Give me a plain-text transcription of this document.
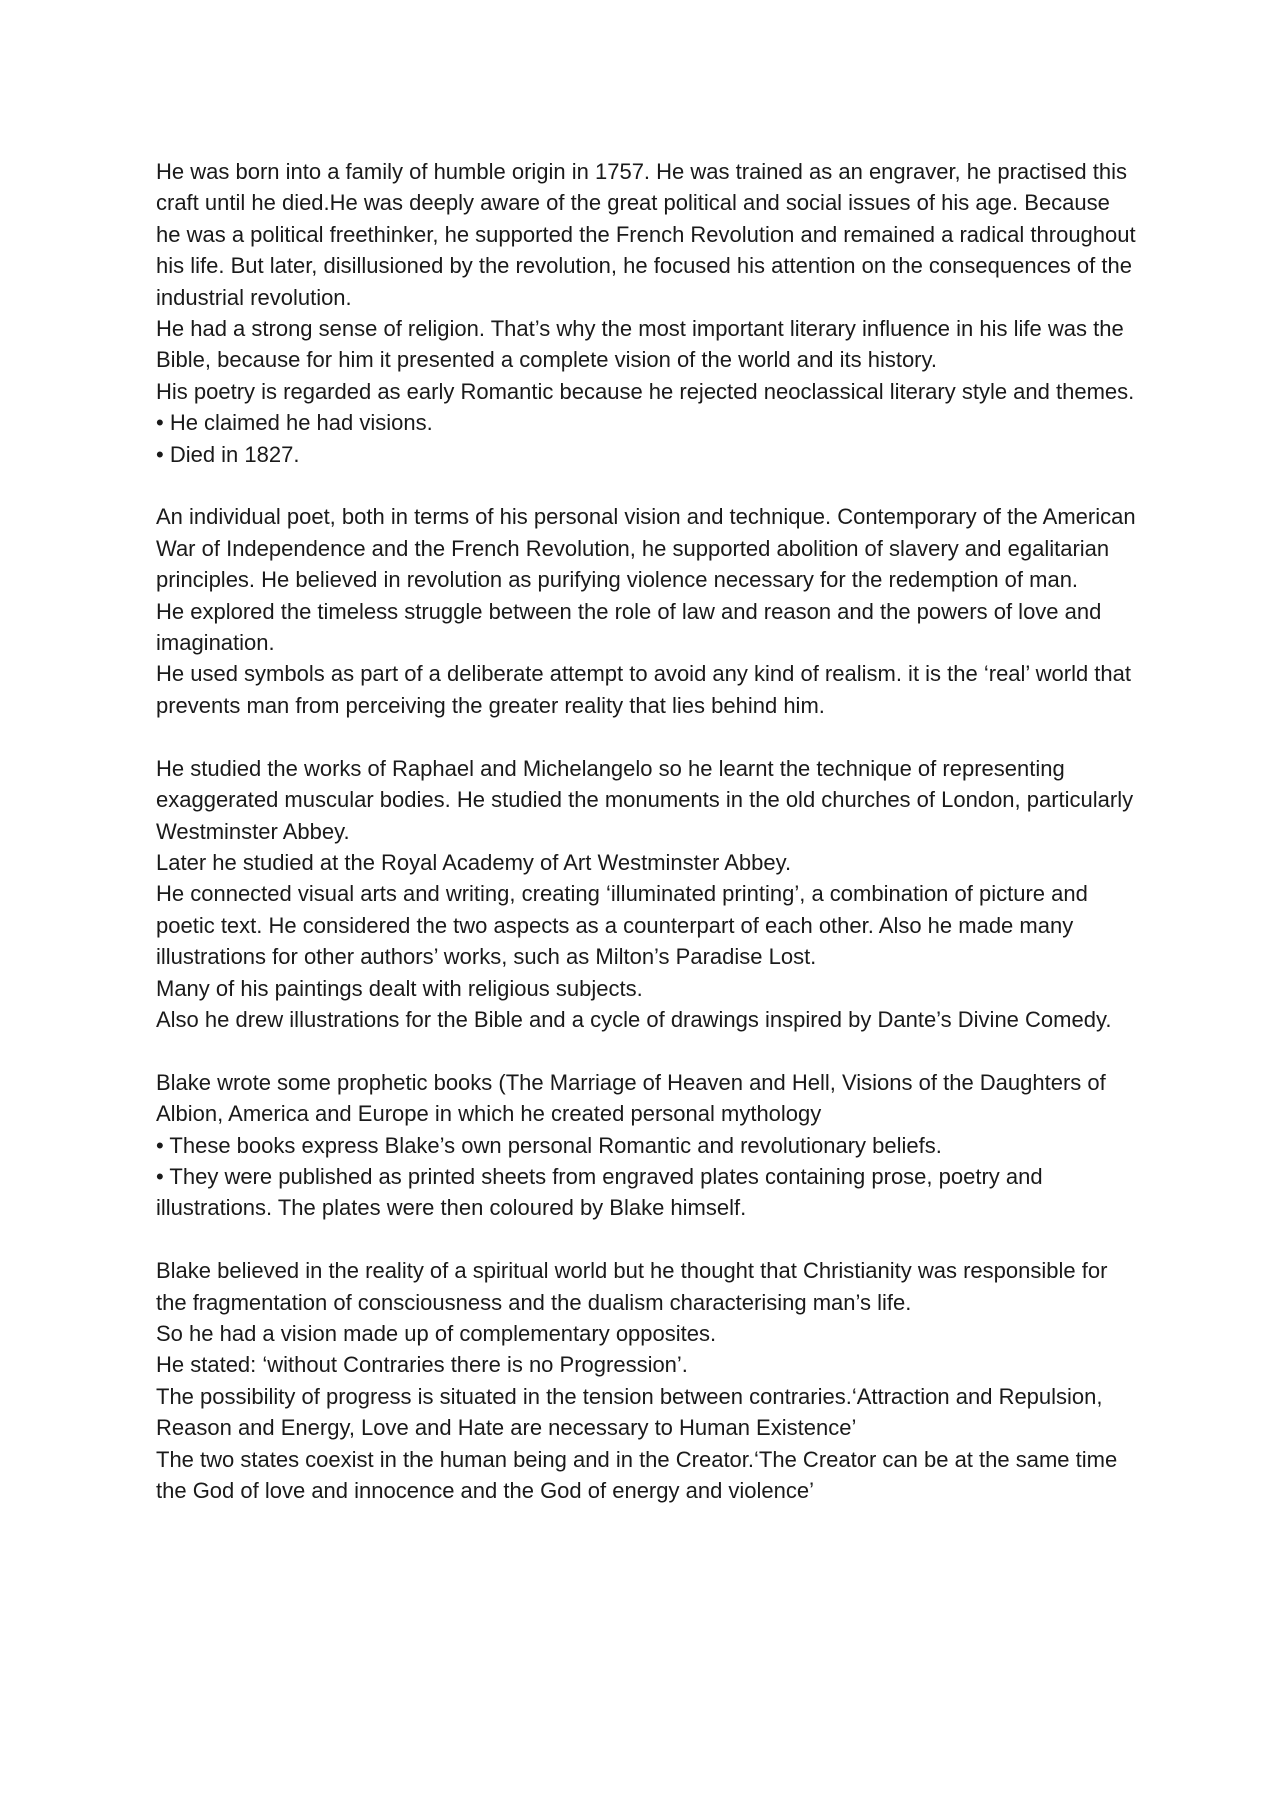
He was born into a family of humble origin in 1757. He was trained as an engraver, he practised this craft until he died.He was deeply aware of the great political and social issues of his age. Because he was a political freethinker, he supported the French Revolution and remained a radical throughout his life. But later, disillusioned by the revolution, he focused his attention on the consequences of the industrial revolution.

He had a strong sense of religion. That’s why the most important literary influence in his life was the Bible, because for him it presented a complete vision of the world and its history.

His poetry is regarded as early Romantic because he rejected neoclassical literary style and themes.

• He claimed he had visions.

• Died in 1827.

An individual poet, both in terms of his personal vision and technique. Contemporary of the American War of Independence and the French Revolution, he supported abolition of slavery and egalitarian principles. He believed in revolution as purifying violence necessary for the redemption of man.

He explored the timeless struggle between the role of law and reason and the powers of love and imagination.

He used symbols as part of a deliberate attempt to avoid any kind of realism. it is the ‘real’ world that prevents man from perceiving the greater reality that lies behind him.

He studied the works of Raphael and Michelangelo so he learnt the technique of representing exaggerated muscular bodies. He studied the monuments in the old churches of London, particularly Westminster Abbey.

Later he studied at the Royal Academy of Art Westminster Abbey.

He connected visual arts and writing, creating ‘illuminated printing’, a combination of picture and poetic text. He considered the two aspects as a counterpart of each other. Also he made many illustrations for other authors’ works, such as Milton’s Paradise Lost.

Many of his paintings dealt with religious subjects.

Also he drew illustrations for the Bible and a cycle of drawings inspired by Dante’s Divine Comedy.

Blake wrote some prophetic books (The Marriage of Heaven and Hell, Visions of the Daughters of Albion, America and Europe in which he created personal mythology

• These books express Blake’s own personal Romantic and revolutionary beliefs.

• They were published as printed sheets from engraved plates containing prose, poetry and illustrations. The plates were then coloured by Blake himself.

Blake believed in the reality of a spiritual world but he thought that Christianity was responsible for the fragmentation of consciousness and the dualism characterising man’s life.

So he had a vision made up of complementary opposites.

He stated: ‘without Contraries there is no Progression’.

The possibility of progress is situated in the tension between contraries.‘Attraction and Repulsion, Reason and Energy, Love and Hate are necessary to Human Existence’

The two states coexist in the human being and in the Creator.‘The Creator can be at the same time the God of love and innocence and the God of energy and violence’
